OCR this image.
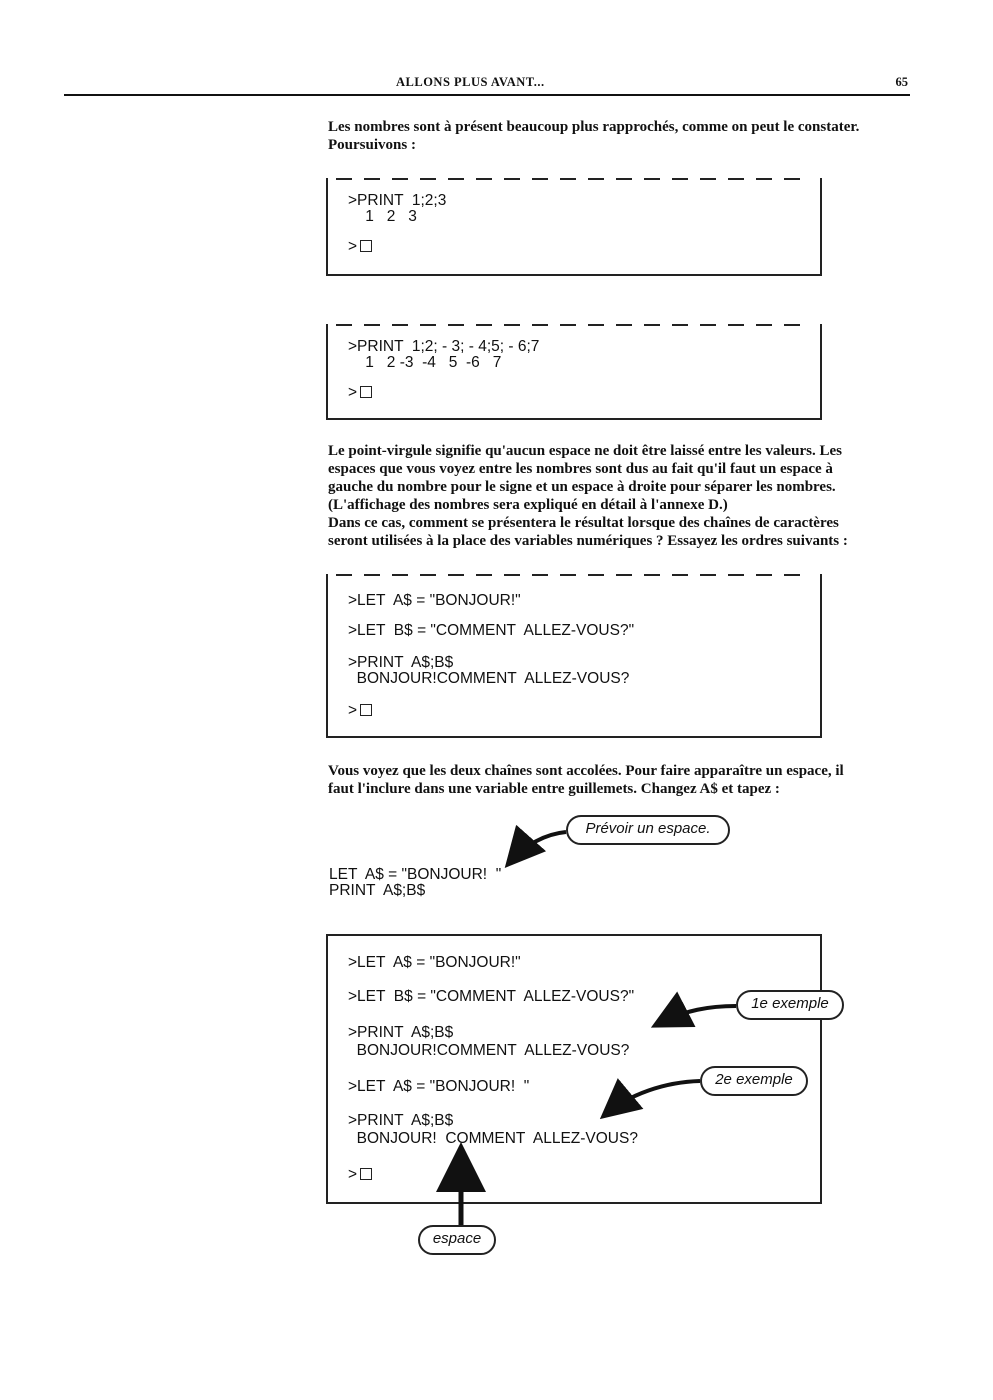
ALLONS PLUS AVANT...	65

Les nombres sont à présent beaucoup plus rapprochés, comme on peut le constater.
Poursuivons :

>PRINT  1;2;3
1   2   3
>
>PRINT  1;2; - 3; - 4;5; - 6;7
1   2 -3  -4   5  -6   7
>

Le point-virgule signifie qu'aucun espace ne doit être laissé entre les valeurs. Les
espaces que vous voyez entre les nombres sont dus au fait qu'il faut un espace à
gauche du nombre pour le signe et un espace à droite pour séparer les nombres.
(L'affichage des nombres sera expliqué en détail à l'annexe D.)
Dans ce cas, comment se présentera le résultat lorsque des chaînes de caractères
seront utilisées à la place des variables numériques ? Essayez les ordres suivants :

>LET  A$ = "BONJOUR!"
>LET  B$ = "COMMENT  ALLEZ-VOUS?"
>PRINT  A$;B$
BONJOUR!COMMENT  ALLEZ-VOUS?
>

Vous voyez que les deux chaînes sont accolées. Pour faire apparaître un espace, il
faut l'inclure dans une variable entre guillemets. Changez A$ et tapez :

LET  A$ = "BONJOUR!  "
PRINT  A$;B$
>LET  A$ = "BONJOUR!"
>LET  B$ = "COMMENT  ALLEZ-VOUS?"
>PRINT  A$;B$
BONJOUR!COMMENT  ALLEZ-VOUS?
>LET  A$ = "BONJOUR!  "
>PRINT  A$;B$
BONJOUR!  COMMENT  ALLEZ-VOUS?
>
Prévoir un espace.
1e exemple
2e exemple
espace
